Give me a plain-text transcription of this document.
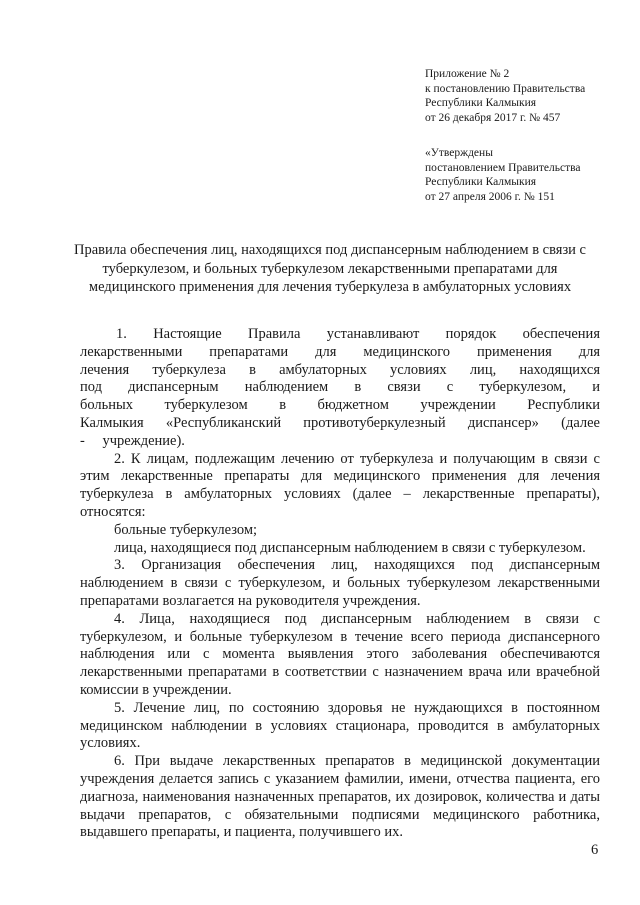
Приложение № 2
к постановлению Правительства
Республики Калмыкия
от 26 декабря 2017 г. № 457
«Утверждены
постановлением Правительства
Республики Калмыкия
от 27 апреля 2006 г. № 151
Правила обеспечения лиц, находящихся под диспансерным наблюдением в связи с туберкулезом, и больных туберкулезом лекарственными препаратами для медицинского применения для лечения туберкулеза в амбулаторных условиях

1. Настоящие Правила устанавливают порядок обеспечения лекарственными препаратами для медицинского применения для лечения туберкулеза в амбулаторных условиях лиц, находящихся под диспансерным наблюдением в связи с туберкулезом, и больных туберкулезом в бюджетном учреждении Республики Калмыкия «Республиканский противотуберкулезный диспансер» (далее - учреждение).

2. К лицам, подлежащим лечению от туберкулеза и получающим в связи с этим лекарственные препараты для медицинского применения для лечения туберкулеза в амбулаторных условиях (далее – лекарственные препараты), относятся:

больные туберкулезом;

лица, находящиеся под диспансерным наблюдением в связи с туберкулезом.

3. Организация обеспечения лиц, находящихся под диспансерным наблюдением в связи с туберкулезом, и больных туберкулезом лекарственными препаратами возлагается на руководителя учреждения.

4. Лица, находящиеся под диспансерным наблюдением в связи с туберкулезом, и больные туберкулезом в течение всего периода диспансерного наблюдения или с момента выявления этого заболевания обеспечиваются лекарственными препаратами в соответствии с назначением врача или врачебной комиссии в учреждении.

5. Лечение лиц, по состоянию здоровья не нуждающихся в постоянном медицинском наблюдении в условиях стационара, проводится в амбулаторных условиях.

6. При выдаче лекарственных препаратов в медицинской документации учреждения делается запись с указанием фамилии, имени, отчества пациента, его диагноза, наименования назначенных препаратов, их дозировок, количества и даты выдачи препаратов, с обязательными подписями медицинского работника, выдавшего препараты, и пациента, получившего их.

6
